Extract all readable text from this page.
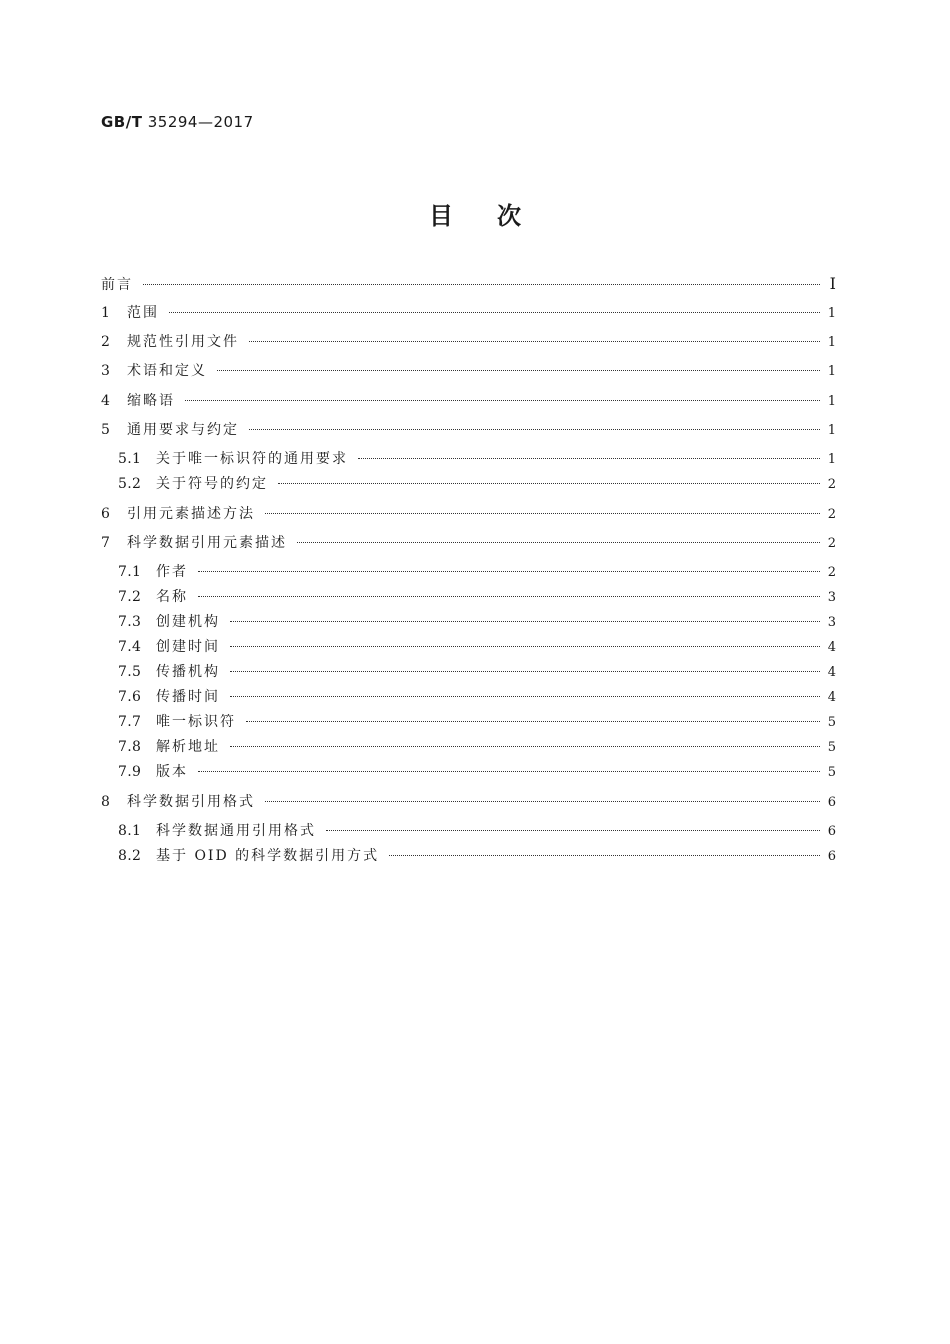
GB/T 35294—2017
目次
前言	I
1	范围	1
2	规范性引用文件	1
3	术语和定义	1
4	缩略语	1
5	通用要求与约定	1
5.1	关于唯一标识符的通用要求	1
5.2	关于符号的约定	2
6	引用元素描述方法	2
7	科学数据引用元素描述	2
7.1	作者	2
7.2	名称	3
7.3	创建机构	3
7.4	创建时间	4
7.5	传播机构	4
7.6	传播时间	4
7.7	唯一标识符	5
7.8	解析地址	5
7.9	版本	5
8	科学数据引用格式	6
8.1	科学数据通用引用格式	6
8.2	基于 OID 的科学数据引用方式	6
